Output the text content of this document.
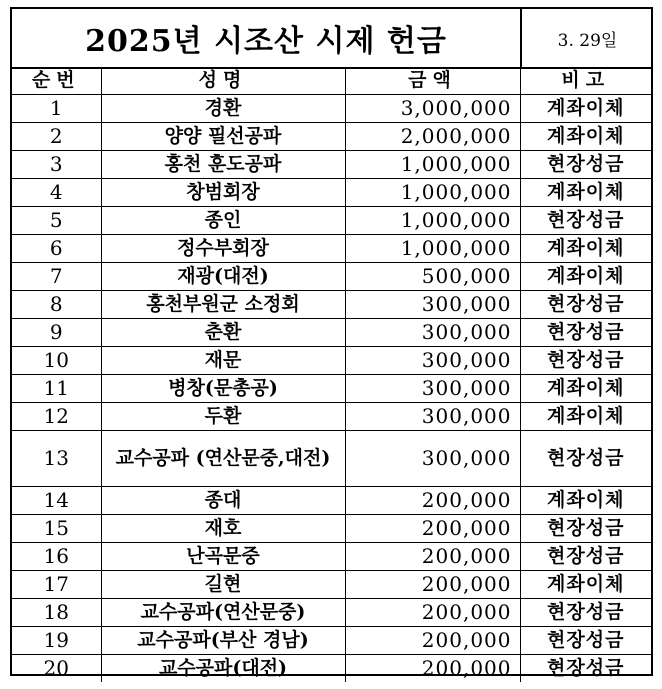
2025년 시조산 시제 헌금	3. 29일
순번	성명	금액	비고
1	경환	3,000,000	계좌이체
2	양양 필선공파	2,000,000	계좌이체
3	홍천 훈도공파	1,000,000	현장성금
4	창범회장	1,000,000	계좌이체
5	종인	1,000,000	현장성금
6	정수부회장	1,000,000	계좌이체
7	재광(대전)	500,000	계좌이체
8	홍천부원군 소정회	300,000	현장성금
9	춘환	300,000	현장성금
10	재문	300,000	현장성금
11	병창(문총공)	300,000	계좌이체
12	두환	300,000	계좌이체
13	교수공파 (연산문중,대전)	300,000	현장성금
14	종대	200,000	계좌이체
15	재호	200,000	현장성금
16	난곡문중	200,000	현장성금
17	길현	200,000	계좌이체
18	교수공파(연산문중)	200,000	현장성금
19	교수공파(부산 경남)	200,000	현장성금
20	교수공파(대전)	200,000	현장성금
